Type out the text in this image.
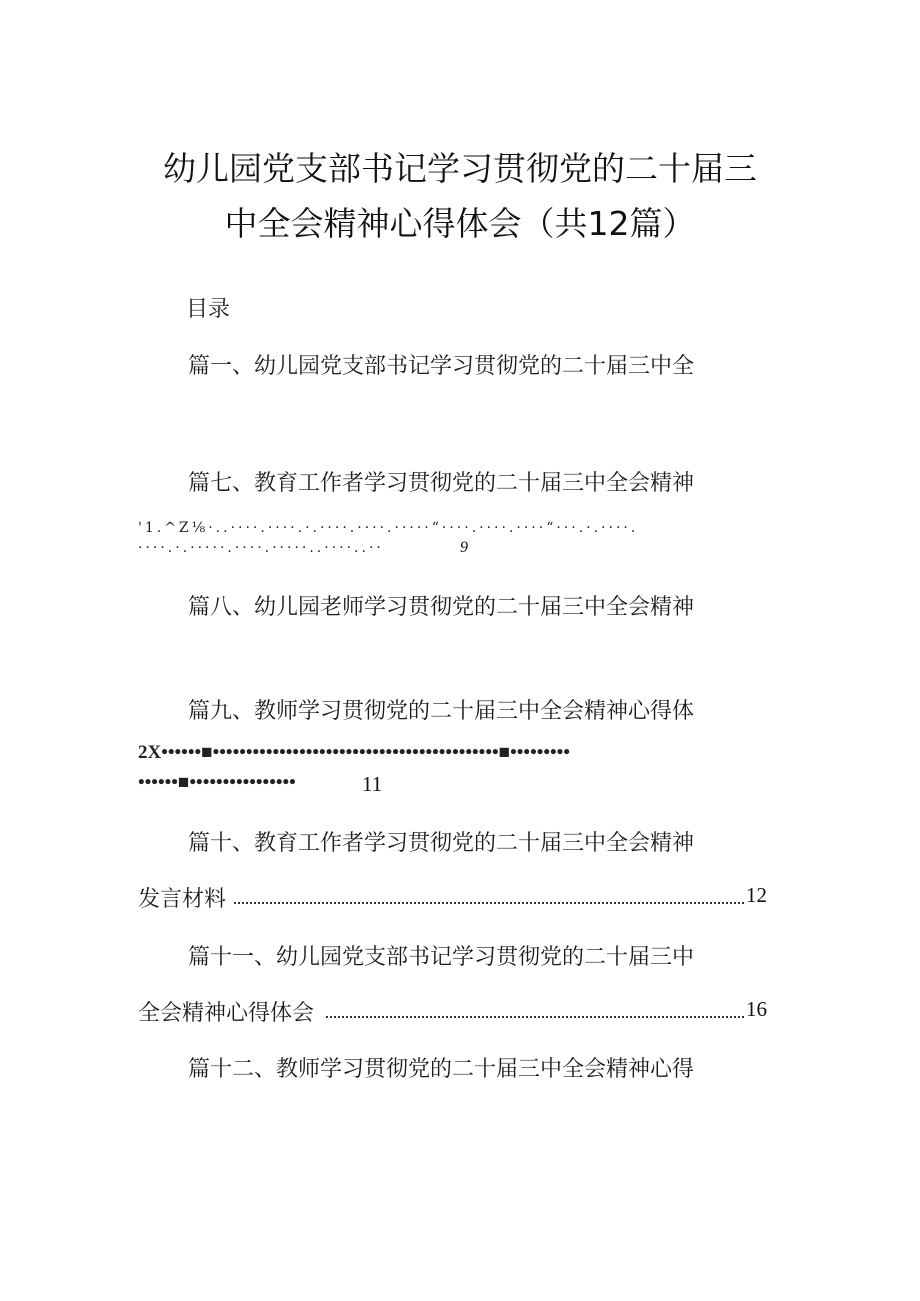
幼儿园党支部书记学习贯彻党的二十届三
中全会精神心得体会（共12篇）
目录
篇一、幼儿园党支部书记学习贯彻党的二十届三中全
篇七、教育工作者学习贯彻党的二十届三中全会精神
'1.^Z⅛·..····.····.·.····.····.·····“····.····.····“···.·.····.
····.·.·····.····.·····..····..··	9
篇八、幼儿园老师学习贯彻党的二十届三中全会精神
篇九、教师学习贯彻党的二十届三中全会精神心得体
2X••••••■•••••••••••••••••••••••••••••••••••••••••••■•••••••••
••••••■••••••••••••••••	11
篇十、教育工作者学习贯彻党的二十届三中全会精神
发言材料	12
篇十一、幼儿园党支部书记学习贯彻党的二十届三中
全会精神心得体会	16
篇十二、教师学习贯彻党的二十届三中全会精神心得
